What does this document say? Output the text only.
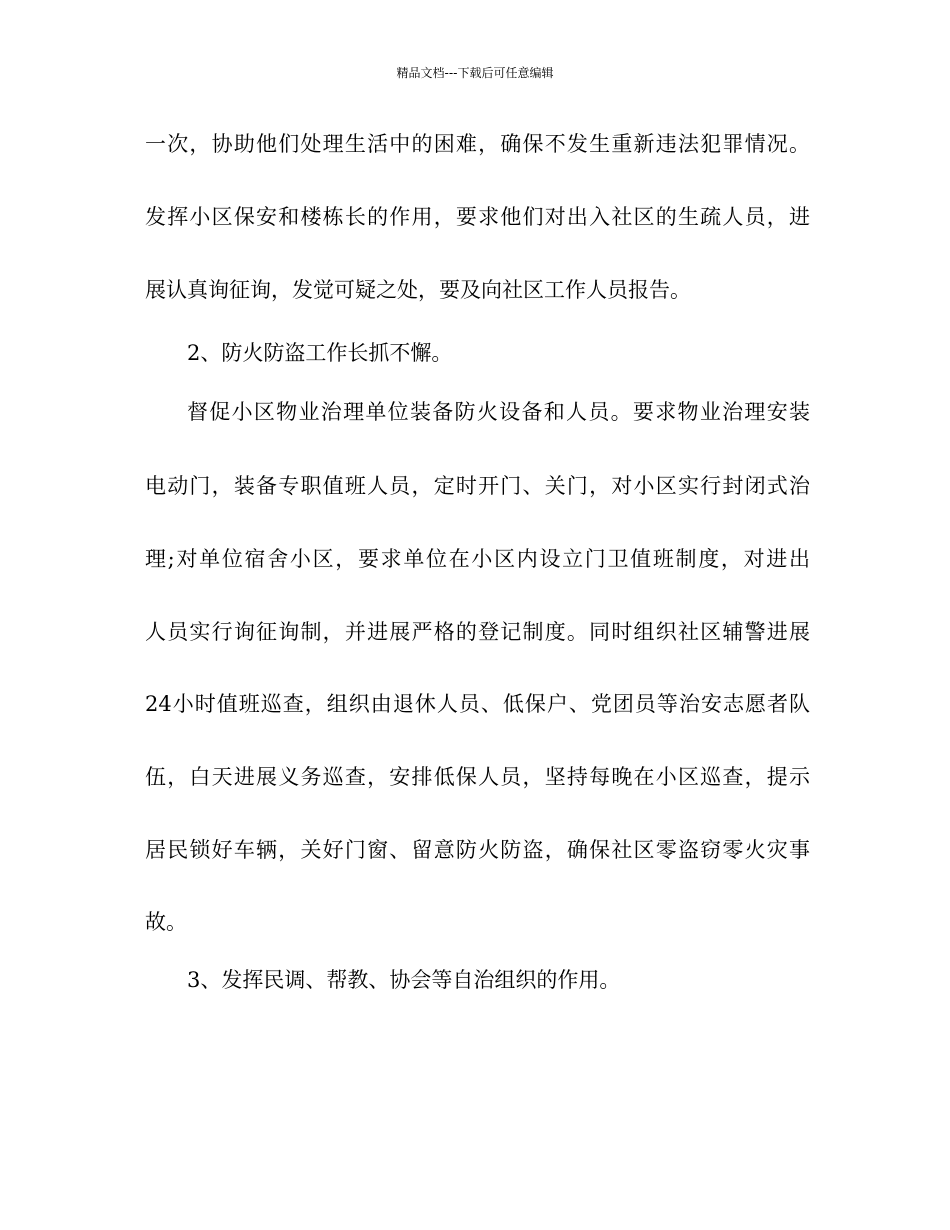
精品文档---下载后可任意编辑
一次，协助他们处理生活中的困难，确保不发生重新违法犯罪情况。
发挥小区保安和楼栋长的作用，要求他们对出入社区的生疏人员，进
展认真询征询，发觉可疑之处，要及向社区工作人员报告。
2、防火防盗工作长抓不懈。
督促小区物业治理单位装备防火设备和人员。要求物业治理安装
电动门，装备专职值班人员，定时开门、关门，对小区实行封闭式治
理;对单位宿舍小区，要求单位在小区内设立门卫值班制度，对进出
人员实行询征询制，并进展严格的登记制度。同时组织社区辅警进展
24小时值班巡查，组织由退休人员、低保户、党团员等治安志愿者队
伍，白天进展义务巡查，安排低保人员，坚持每晚在小区巡查，提示
居民锁好车辆，关好门窗、留意防火防盗，确保社区零盗窃零火灾事
故。
3、发挥民调、帮教、协会等自治组织的作用。
